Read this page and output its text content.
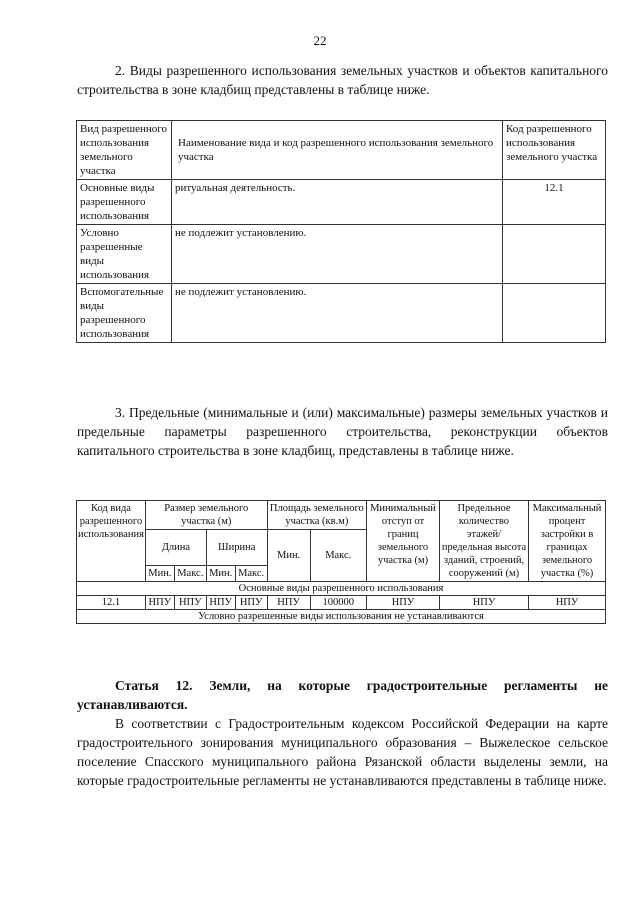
22

2. Виды разрешенного использования земельных участков и объектов капитального строительства в зоне кладбищ представлены в таблице ниже.

Вид разрешенного использования земельного участка	Наименование вида и код разрешенного использования земельного участка	Код разрешенного использования земельного участка
Основные виды разрешенного использования	ритуальная деятельность.	12.1
Условно разрешенные виды использования	не подлежит установлению.	
Вспомогательные виды разрешенного использования	не подлежит установлению.	

3. Предельные (минимальные и (или) максимальные) размеры земельных участков и предельные параметры разрешенного строительства, реконструкции объектов капитального строительства в зоне кладбищ, представлены в таблице ниже.

Код вида разрешенного использования	Размер земельного участка (м)				Площадь земельного участка (кв.м)		Минимальный отступ от границ земельного участка (м)	Предельное количество этажей/ предельная высота зданий, строений, сооружений (м)	Максимальный процент застройки в границах земельного участка (%)
	Длина		Ширина		Мин.	Макс.			
	Мин.	Макс.	Мин.	Макс.					
Основные виды разрешенного использования									
12.1	НПУ	НПУ	НПУ	НПУ	НПУ	100000	НПУ	НПУ	НПУ
Условно разрешенные виды использования не устанавливаются									

Статья 12. Земли, на которые градостроительные регламенты не устанавливаются.

В соответствии с Градостроительным кодексом Российской Федерации на карте градостроительного зонирования муниципального образования – Выжелеское сельское поселение Спасского муниципального района Рязанской области выделены земли, на которые градостроительные регламенты не устанавливаются представлены в таблице ниже.
